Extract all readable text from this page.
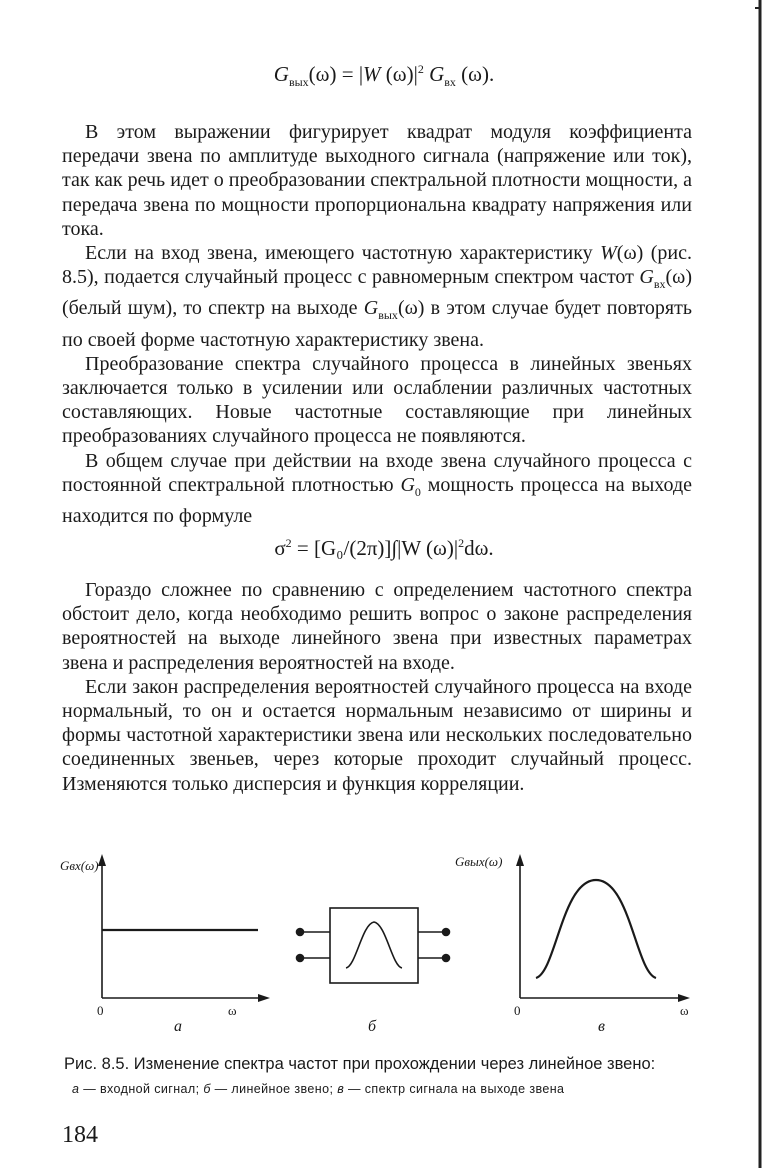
$G_{вых}(\omega) = |W$ $(\omega)|^2$ $G_{вх}$ (ω).

В этом выражении фигурирует квадрат модуля коэффициента передачи звена по амплитуде выходного сигнала (напряжение или ток), так как речь идет о преобразовании спектральной плотности мощности, а передача звена по мощности пропорциональна квадрату напряжения или тока.

Если на вход звена, имеющего частотную характеристику W(ω) (рис. 8.5), подается случайный процесс с равномерным спектром частот $G_{вх}(\omega)$ (белый шум), то спектр на выходе $G_{вых}(\omega)$ в этом случае будет повторять по своей форме частотную характеристику звена.

Преобразование спектра случайного процесса в линейных звеньях заключается только в усилении или ослаблении различных частотных составляющих. Новые частотные составляющие при линейных преобразованиях случайного процесса не появляются.

В общем случае при действии на входе звена случайного процесса с постоянной спектральной плотностью $G_0$ мощность процесса на выходе находится по формуле

$\sigma^2 = [G_0/(2\pi)]\int|W$ $(\omega)|^2d\omega$.

Гораздо сложнее по сравнению с определением частотного спектра обстоит дело, когда необходимо решить вопрос о законе распределения вероятностей на выходе линейного звена при известных параметрах звена и распределения вероятностей на входе.

Если закон распределения вероятностей случайного процесса на входе нормальный, то он и остается нормальным независимо от ширины и формы частотной характеристики звена или нескольких последовательно соединенных звеньев, через которые проходит случайный процесс. Изменяются только дисперсия и функция корреляции.

Gвх(ω)	Gвых(ω)
0	ω	0	ω
а	б	в
Рис. 8.5. Изменение спектра частот при прохождении через линейное звено:
а — входной сигнал; б — линейное звено; в — спектр сигнала на выходе звена
184
